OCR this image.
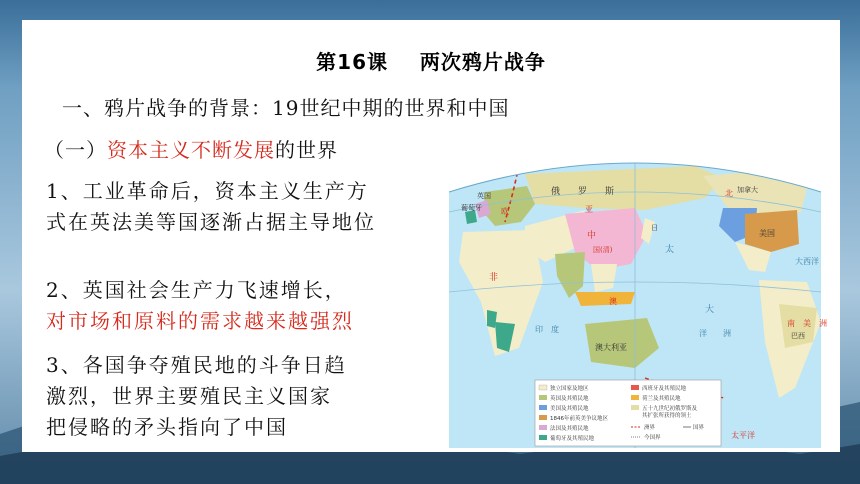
第16课    两次鸦片战争
一、鸦片战争的背景：19世纪中期的世界和中国
（一）资本主义不断发展的世界
1、工业革命后，资本主义生产方
式在英法美等国逐渐占据主导地位
2、英国社会生产力飞速增长，
对市场和原料的需求越来越强烈
3、各国争夺殖民地的斗争日趋
激烈，世界主要殖民主义国家
把侵略的矛头指向了中国
俄　　罗　　斯
中
国(清)
欧
葡萄牙
非
澳大利亚
印　度
太
大
洋　　洲
北 加拿大
美国
南　美　洲
巴西
英国
大西洋
太平洋
亚
澳
日
独立国家及地区
英国及其殖民地
美国及其殖民地
1846年前英美争议地区
法国及其殖民地
葡萄牙及其殖民地
西班牙及其殖民地
荷兰及其殖民地
五十九世纪初俄罗斯及
其扩张所获得的领土
洲界
今国界
国界
